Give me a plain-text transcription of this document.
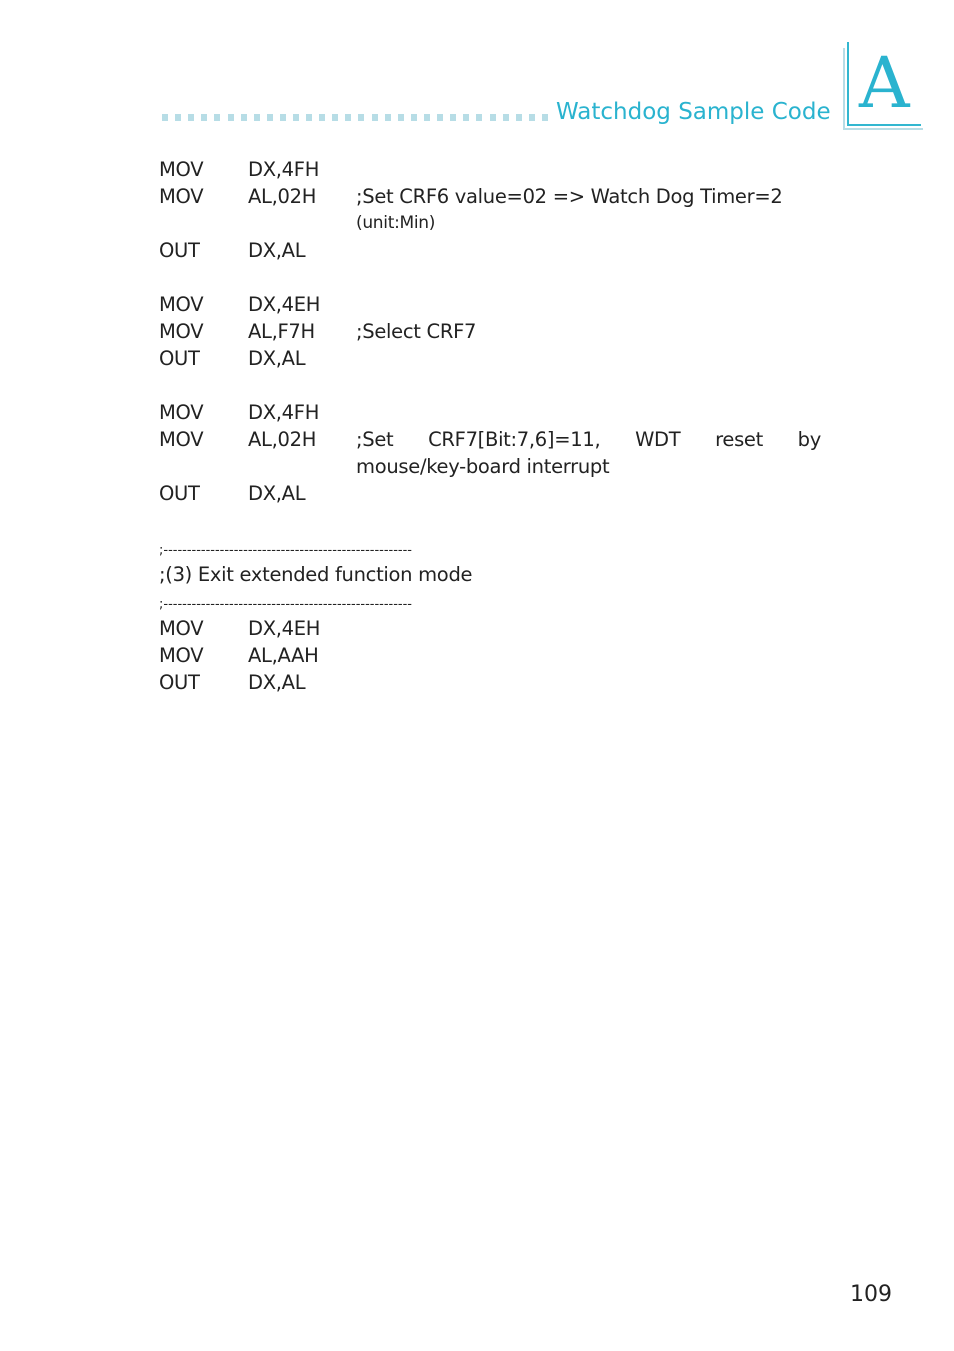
Watchdog Sample Code A
MOV DX,4FH
MOV AL,02H ;Set CRF6 value=02 => Watch Dog Timer=2
(unit:Min)
OUT DX,AL
MOV DX,4EH
MOV AL,F7H ;Select CRF7
OUT DX,AL
MOV DX,4FH
MOV AL,02H ;Set CRF7[Bit:7,6]=11, WDT reset by mouse/key-board interrupt
OUT DX,AL
;-----------------------------------------------------
;(3) Exit extended function mode
;-----------------------------------------------------
MOV DX,4EH
MOV AL,AAH
OUT DX,AL
109
